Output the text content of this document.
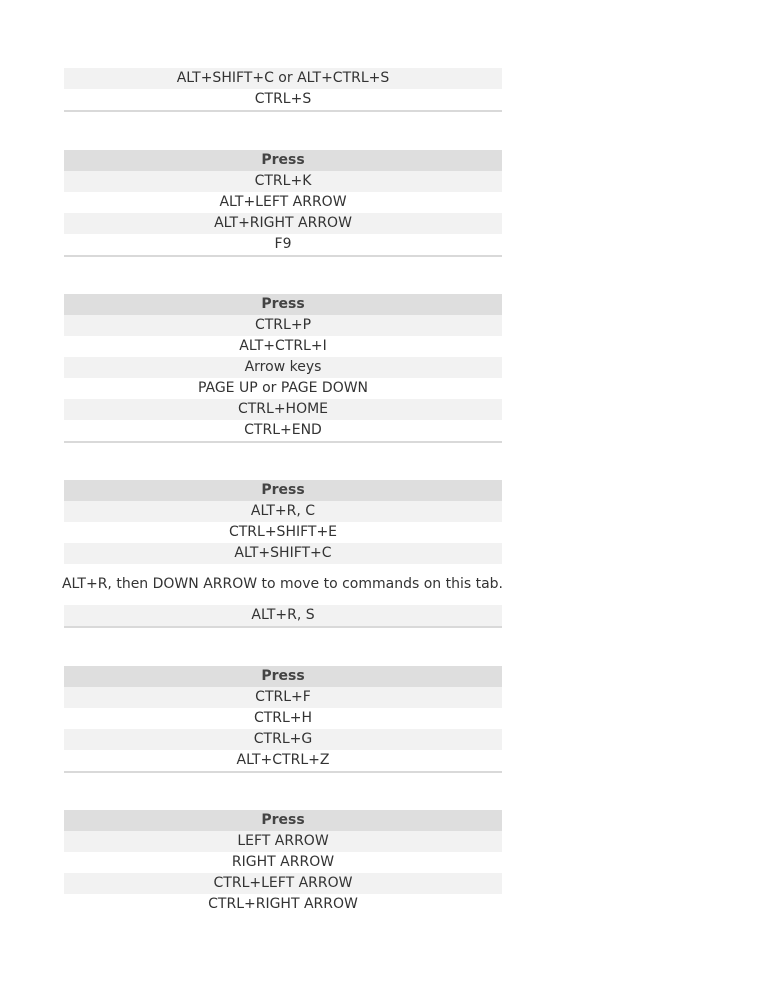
ALT+SHIFT+C or ALT+CTRL+S
CTRL+S
Press
CTRL+K
ALT+LEFT ARROW
ALT+RIGHT ARROW
F9
Press
CTRL+P
ALT+CTRL+I
Arrow keys
PAGE UP or PAGE DOWN
CTRL+HOME
CTRL+END
Press
ALT+R, C
CTRL+SHIFT+E
ALT+SHIFT+C
ALT+R, then DOWN ARROW to move to commands on this tab.
ALT+R, S
Press
CTRL+F
CTRL+H
CTRL+G
ALT+CTRL+Z
Press
LEFT ARROW
RIGHT ARROW
CTRL+LEFT ARROW
CTRL+RIGHT ARROW
